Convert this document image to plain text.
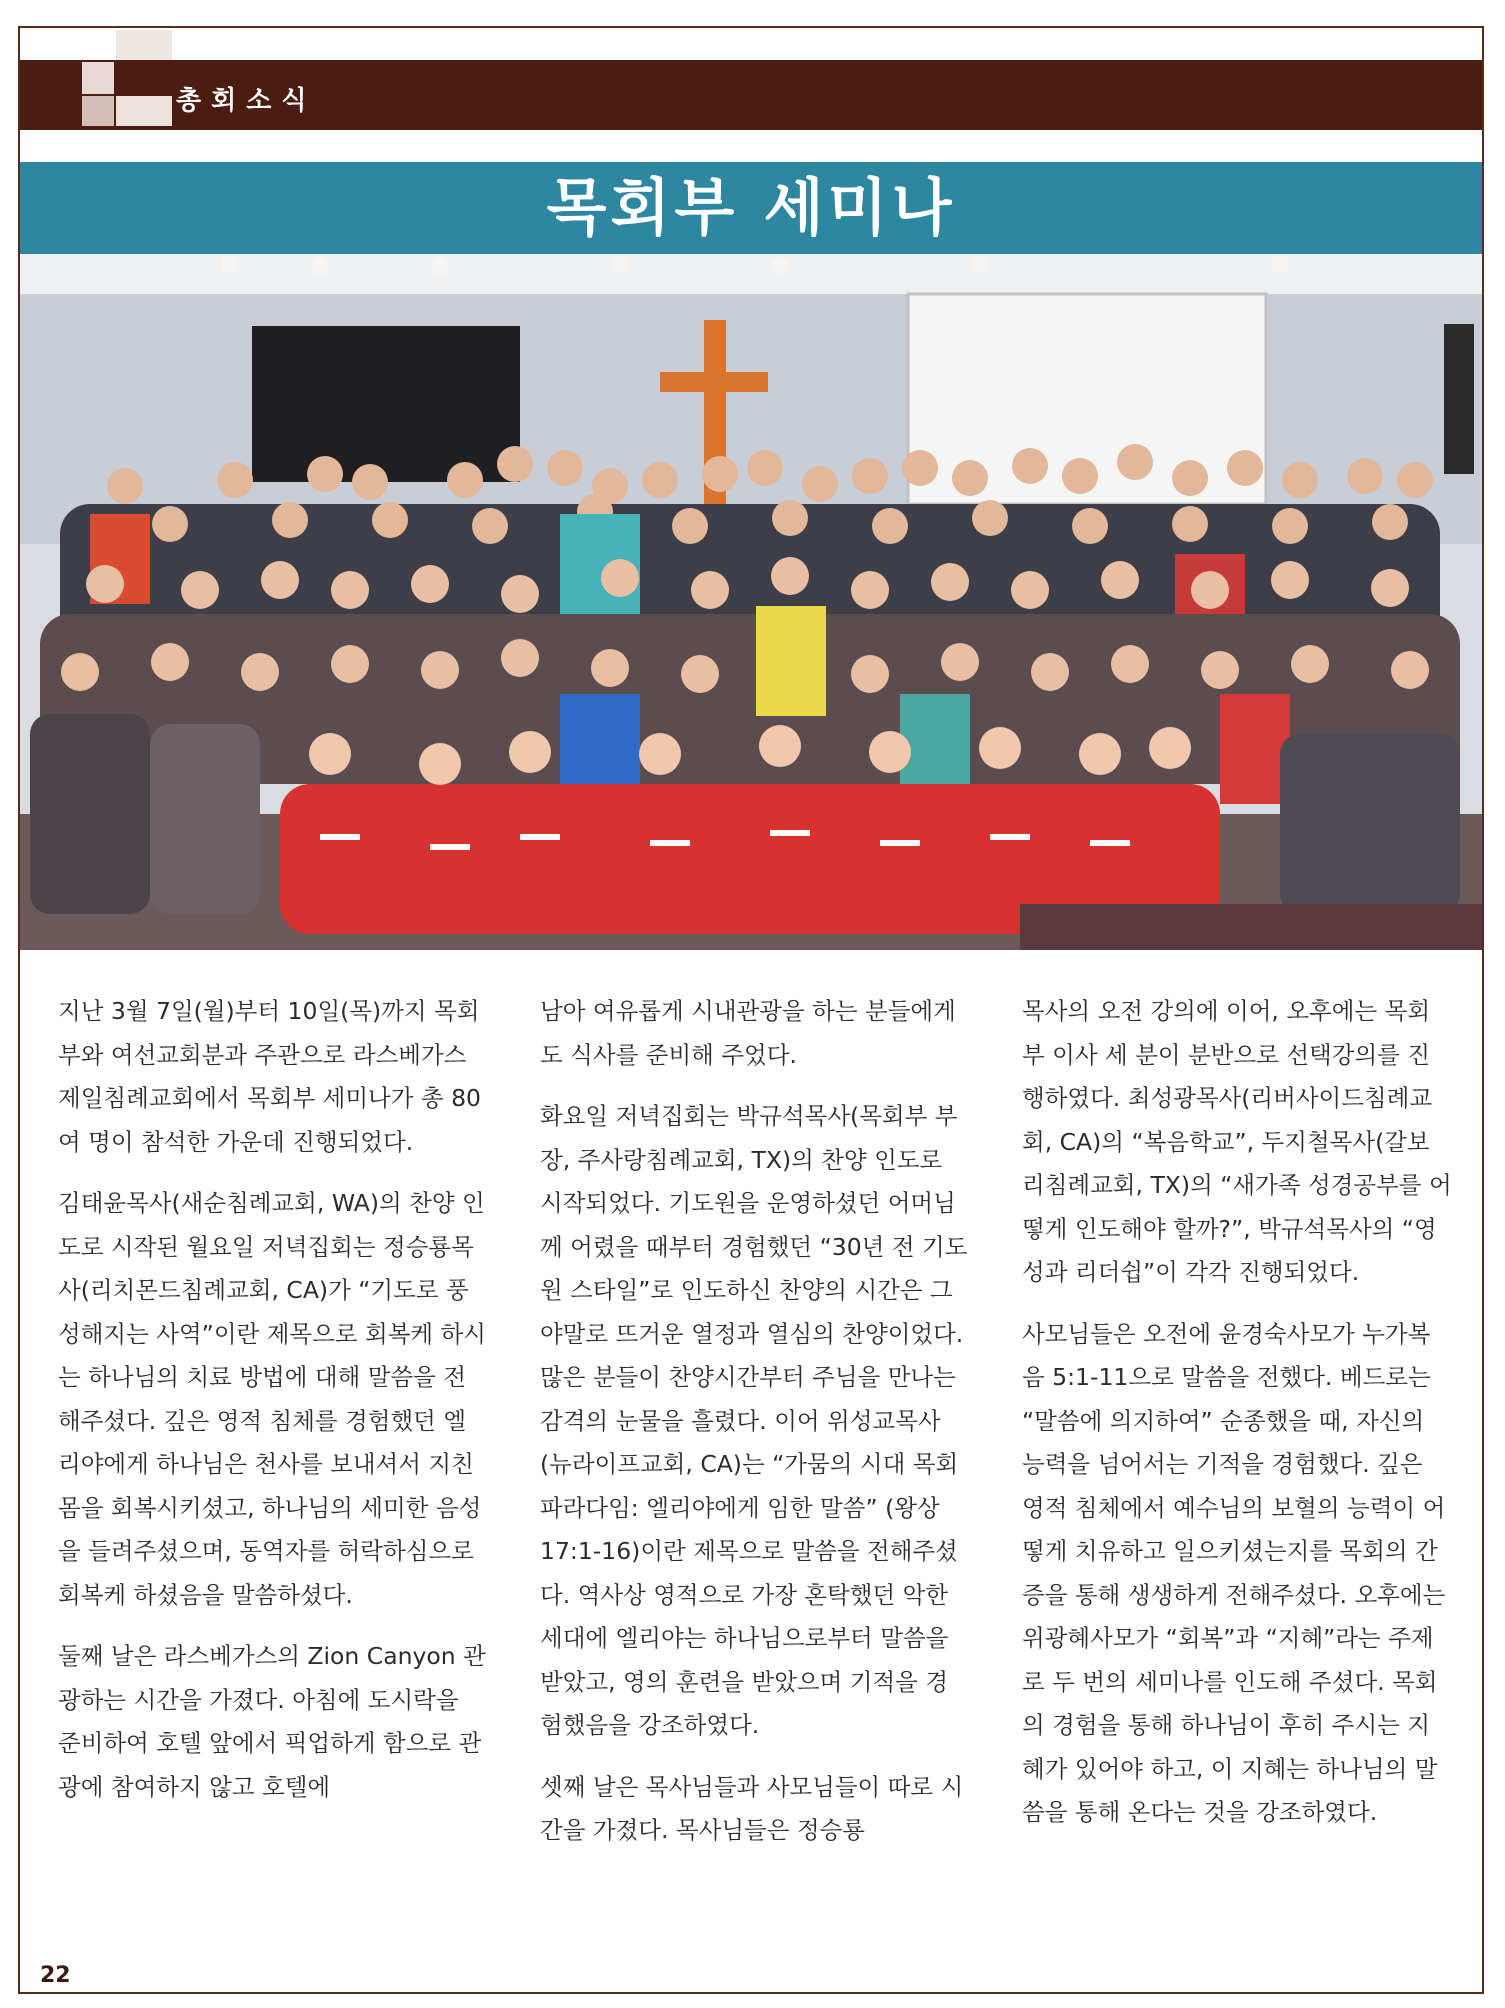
총회소식
목회부 세미나

지난 3월 7일(월)부터 10일(목)까지 목회부와 여선교회분과 주관으로 라스베가스 제일침례교회에서 목회부 세미나가 총 80여 명이 참석한 가운데 진행되었다.

김태윤목사(새순침례교회, WA)의 찬양 인도로 시작된 월요일 저녁집회는 정승룡목사(리치몬드침례교회, CA)가 “기도로 풍성해지는 사역”이란 제목으로 회복케 하시는 하나님의 치료 방법에 대해 말씀을 전해주셨다. 깊은 영적 침체를 경험했던 엘리야에게 하나님은 천사를 보내셔서 지친 몸을 회복시키셨고, 하나님의 세미한 음성을 들려주셨으며, 동역자를 허락하심으로 회복케 하셨음을 말씀하셨다.

둘째 날은 라스베가스의 Zion Canyon 관광하는 시간을 가졌다. 아침에 도시락을 준비하여 호텔 앞에서 픽업하게 함으로 관광에 참여하지 않고 호텔에

남아 여유롭게 시내관광을 하는 분들에게도 식사를 준비해 주었다.

화요일 저녁집회는 박규석목사(목회부 부장, 주사랑침례교회, TX)의 찬양 인도로 시작되었다. 기도원을 운영하셨던 어머님께 어렸을 때부터 경험했던 “30년 전 기도원 스타일”로 인도하신 찬양의 시간은 그야말로 뜨거운 열정과 열심의 찬양이었다. 많은 분들이 찬양시간부터 주님을 만나는 감격의 눈물을 흘렸다. 이어 위성교목사(뉴라이프교회, CA)는 “가뭄의 시대 목회 파라다임: 엘리야에게 임한 말씀” (왕상 17:1-16)이란 제목으로 말씀을 전해주셨다. 역사상 영적으로 가장 혼탁했던 악한 세대에 엘리야는 하나님으로부터 말씀을 받았고, 영의 훈련을 받았으며 기적을 경험했음을 강조하였다.

셋째 날은 목사님들과 사모님들이 따로 시간을 가졌다. 목사님들은 정승룡

목사의 오전 강의에 이어, 오후에는 목회부 이사 세 분이 분반으로 선택강의를 진행하였다. 최성광목사(리버사이드침례교회, CA)의 “복음학교”, 두지철목사(갈보리침례교회, TX)의 “새가족 성경공부를 어떻게 인도해야 할까?”, 박규석목사의 “영성과 리더쉽”이 각각 진행되었다.

사모님들은 오전에 윤경숙사모가 누가복음 5:1-11으로 말씀을 전했다. 베드로는 “말씀에 의지하여” 순종했을 때, 자신의 능력을 넘어서는 기적을 경험했다. 깊은 영적 침체에서 예수님의 보혈의 능력이 어떻게 치유하고 일으키셨는지를 목회의 간증을 통해 생생하게 전해주셨다. 오후에는 위광혜사모가 “회복”과 “지혜”라는 주제로 두 번의 세미나를 인도해 주셨다. 목회의 경험을 통해 하나님이 후히 주시는 지혜가 있어야 하고, 이 지혜는 하나님의 말씀을 통해 온다는 것을 강조하였다.

22
